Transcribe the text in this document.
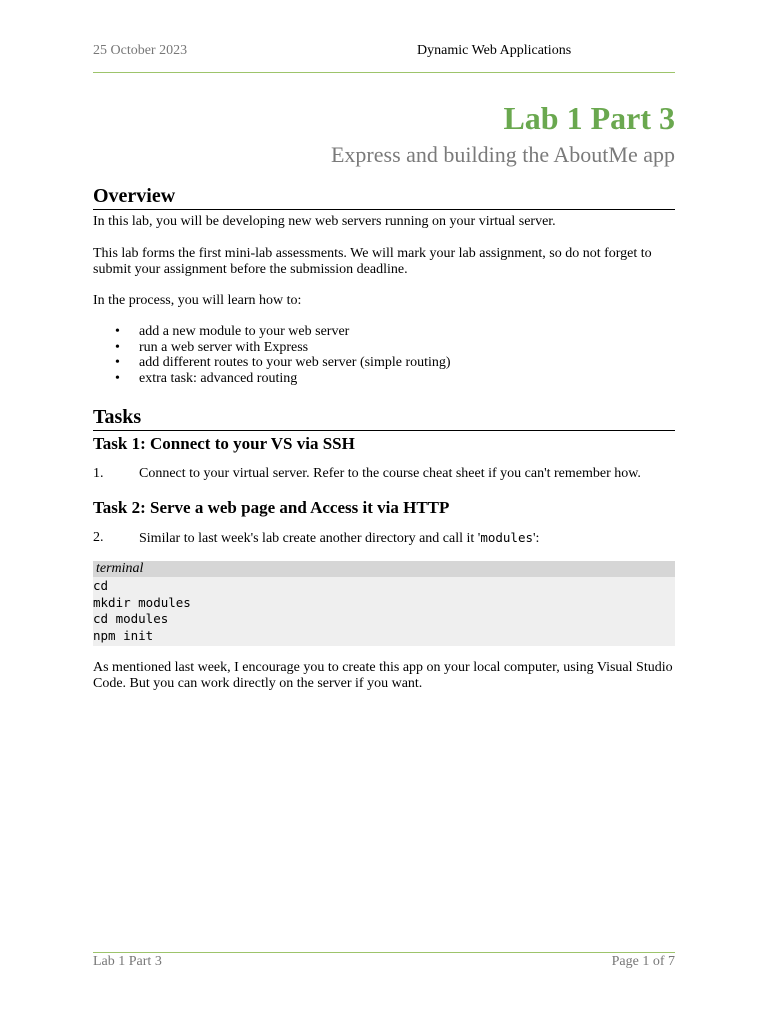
25 October 2023	Dynamic Web Applications
Lab 1 Part 3
Express and building the AboutMe app
Overview
In this lab, you will be developing new web servers running on your virtual server.
This lab forms the first mini-lab assessments. We will mark your lab assignment, so do not forget to submit your assignment before the submission deadline.
In the process, you will learn how to:
• add a new module to your web server
• run a web server with Express
• add different routes to your web server (simple routing)
• extra task: advanced routing
Tasks
Task 1: Connect to your VS via SSH
1.	Connect to your virtual server. Refer to the course cheat sheet if you can't remember how.
Task 2: Serve a web page and Access it via HTTP
2.	Similar to last week's lab create another directory and call it 'modules':
terminal
cd
mkdir modules
cd modules
npm init
As mentioned last week, I encourage you to create this app on your local computer, using Visual Studio Code. But you can work directly on the server if you want.
Lab 1 Part 3	Page 1 of 7
